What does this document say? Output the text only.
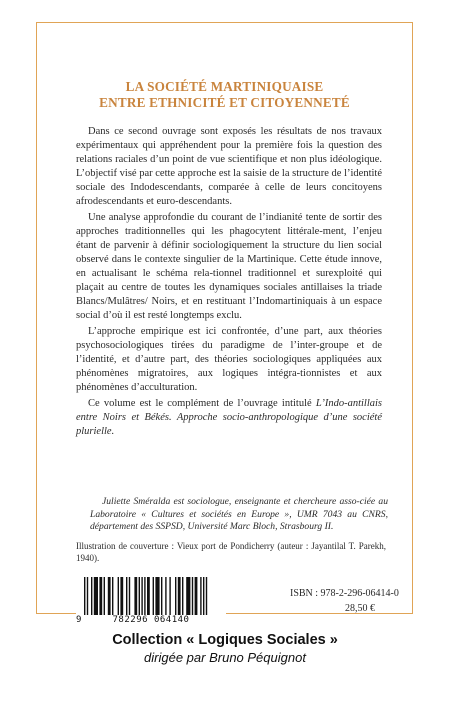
LA SOCIÉTÉ MARTINIQUAISE
ENTRE ETHNICITÉ ET CITOYENNETÉ

Dans ce second ouvrage sont exposés les résultats de nos travaux expérimentaux qui appréhendent pour la première fois la question des relations raciales d’un point de vue scientifique et non plus idéologique. L’objectif visé par cette approche est la saisie de la structure de l’identité sociale des Indodescendants, comparée à celle de leurs concitoyens afrodescendants et euro-descendants.

Une analyse approfondie du courant de l’indianité tente de sortir des approches traditionnelles qui les phagocytent littérale-ment, l’enjeu étant de parvenir à définir sociologiquement la structure du lien social observé dans le contexte singulier de la Martinique. Cette étude innove, en actualisant le schéma rela-tionnel traditionnel et surexploité qui plaçait au centre de toutes les dynamiques sociales antillaises la triade Blancs/Mulâtres/ Noirs, et en restituant l’Indomartiniquais à un espace social d’où il est resté longtemps exclu.

L’approche empirique est ici confrontée, d’une part, aux théories psychosociologiques tirées du paradigme de l’inter-groupe et de l’identité, et d’autre part, des théories sociologiques appliquées aux phénomènes migratoires, aux logiques intégra-tionnistes et aux phénomènes d’acculturation.

Ce volume est le complément de l’ouvrage intitulé L’Indo-antillais entre Noirs et Békés. Approche socio-anthropologique d’une société plurielle.

Juliette Sméralda est sociologue, enseignante et chercheure asso-ciée au Laboratoire « Cultures et sociétés en Europe », UMR 7043 au CNRS, département des SSPSD, Université Marc Bloch, Strasbourg II.
Illustration de couverture : Vieux port de Pondicherry (auteur : Jayantilal T. Parekh, 1940).
9	782296 064140
ISBN : 978-2-296-06414-0
28,50 €
Collection « Logiques Sociales »
dirigée par Bruno Péquignot
